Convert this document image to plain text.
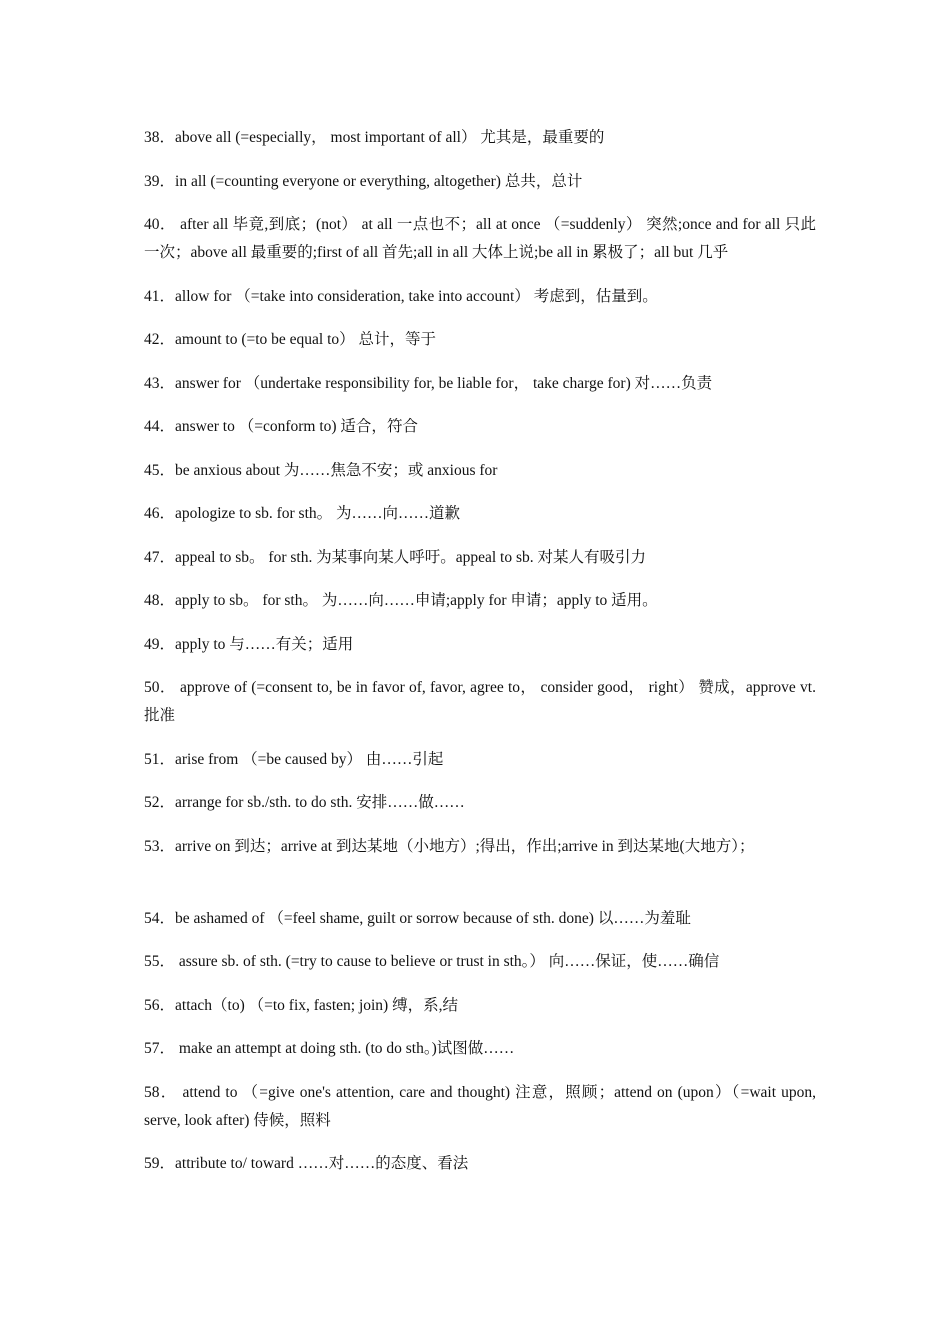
38．above all (=especially， most important of all） 尤其是，最重要的

39．in all (=counting everyone or everything, altogether) 总共，总计

40． after all 毕竟,到底；(not） at all 一点也不；all at once （=suddenly） 突然;once and for all 只此一次；above all 最重要的;first of all 首先;all in all 大体上说;be all in 累极了；all but 几乎

41．allow for （=take into consideration, take into account） 考虑到，估量到。

42．amount to (=to be equal to） 总计，等于

43．answer for （undertake responsibility for, be liable for， take charge for) 对……负责

44．answer to （=conform to) 适合，符合

45．be anxious about 为……焦急不安；或 anxious for

46．apologize to sb. for sth。 为……向……道歉

47．appeal to sb。 for sth. 为某事向某人呼吁。appeal to sb. 对某人有吸引力

48．apply to sb。 for sth。 为……向……申请;apply for 申请；apply to 适用。

49．apply to 与……有关；适用

50． approve of (=consent to, be in favor of, favor, agree to， consider good， right） 赞成，approve vt. 批准

51．arise from （=be caused by） 由……引起

52．arrange for sb./sth. to do sth. 安排……做……

53．arrive on 到达；arrive at 到达某地（小地方）;得出，作出;arrive in 到达某地(大地方）；

54．be ashamed of （=feel shame, guilt or sorrow because of sth. done) 以……为羞耻

55． assure sb. of sth. (=try to cause to believe or trust in sth。） 向……保证，使……确信

56．attach（to) （=to fix, fasten; join) 缚，系,结

57． make an attempt at doing sth. (to do sth。)试图做……

58． attend to （=give one's attention, care and thought) 注意，照顾；attend on (upon）（=wait upon, serve, look after) 侍候，照料

59．attribute to/ toward ……对……的态度、看法
